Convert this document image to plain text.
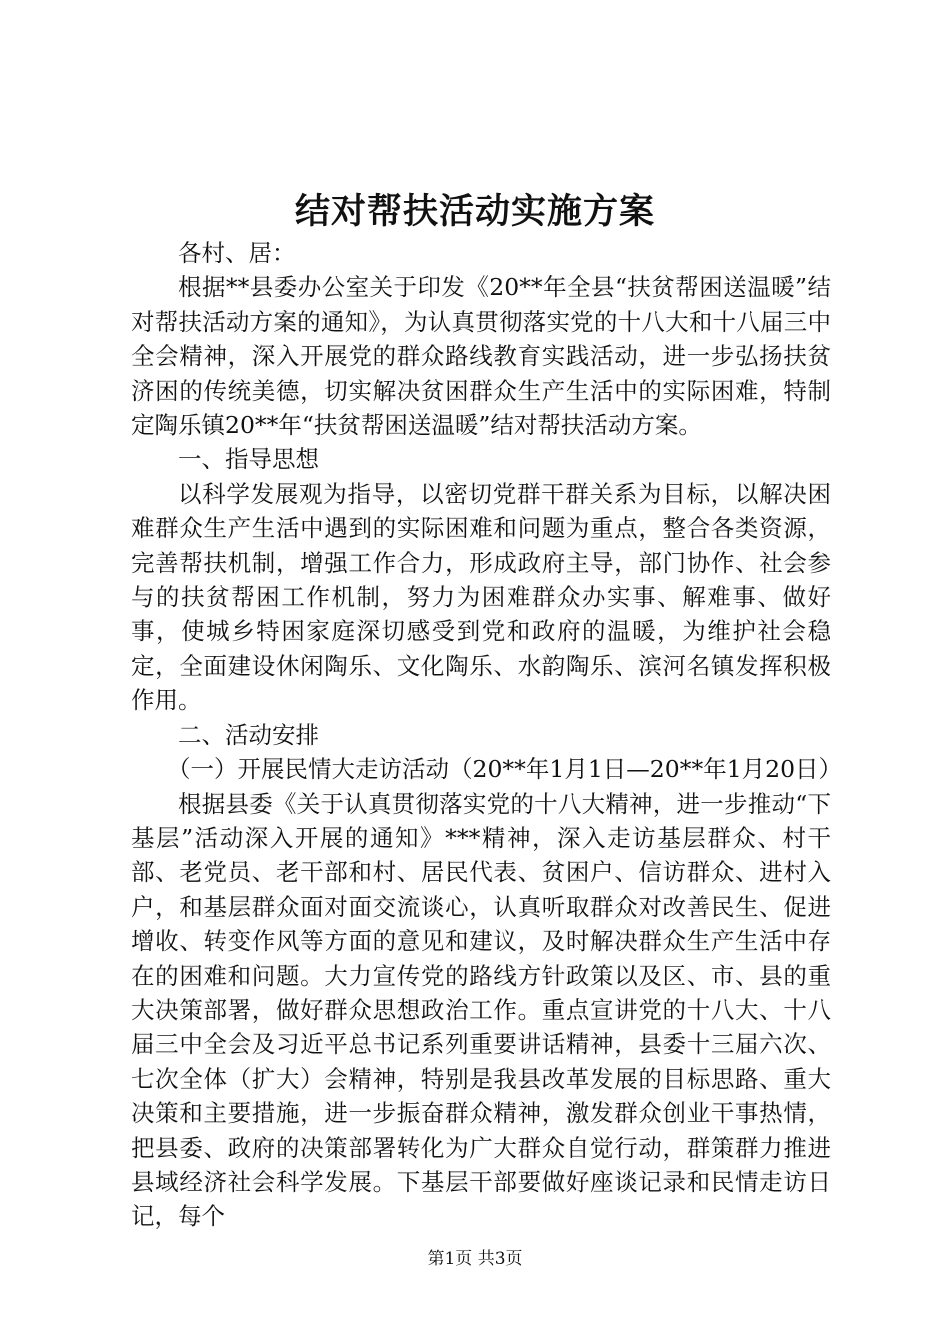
结对帮扶活动实施方案

各村、居：

根据**县委办公室关于印发《20**年全县“扶贫帮困送温暖”结对帮扶活动方案的通知》，为认真贯彻落实党的十八大和十八届三中全会精神，深入开展党的群众路线教育实践活动，进一步弘扬扶贫济困的传统美德，切实解决贫困群众生产生活中的实际困难，特制定陶乐镇20**年“扶贫帮困送温暖”结对帮扶活动方案。

一、指导思想

以科学发展观为指导，以密切党群干群关系为目标，以解决困难群众生产生活中遇到的实际困难和问题为重点，整合各类资源，完善帮扶机制，增强工作合力，形成政府主导，部门协作、社会参与的扶贫帮困工作机制，努力为困难群众办实事、解难事、做好事，使城乡特困家庭深切感受到党和政府的温暖，为维护社会稳定，全面建设休闲陶乐、文化陶乐、水韵陶乐、滨河名镇发挥积极作用。

二、活动安排

（一）开展民情大走访活动（20**年1月1日—20**年1月20日）

根据县委《关于认真贯彻落实党的十八大精神，进一步推动“下基层”活动深入开展的通知》***精神，深入走访基层群众、村干部、老党员、老干部和村、居民代表、贫困户、信访群众、进村入户，和基层群众面对面交流谈心，认真听取群众对改善民生、促进增收、转变作风等方面的意见和建议，及时解决群众生产生活中存在的困难和问题。大力宣传党的路线方针政策以及区、市、县的重大决策部署，做好群众思想政治工作。重点宣讲党的十八大、十八届三中全会及习近平总书记系列重要讲话精神，县委十三届六次、七次全体（扩大）会精神，特别是我县改革发展的目标思路、重大决策和主要措施，进一步振奋群众精神，激发群众创业干事热情，把县委、政府的决策部署转化为广大群众自觉行动，群策群力推进县域经济社会科学发展。下基层干部要做好座谈记录和民情走访日记，每个

第1页 共3页
